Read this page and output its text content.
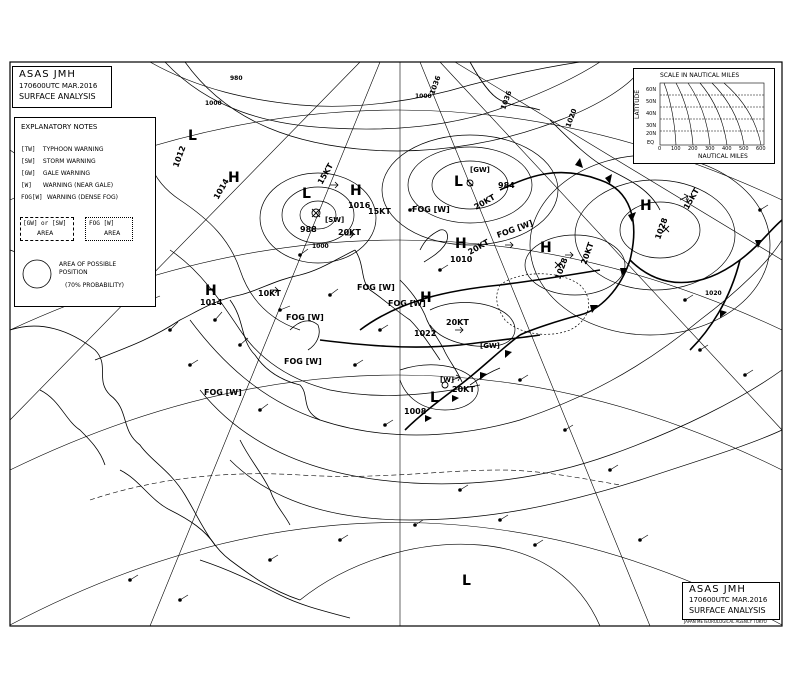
L
988
L	984
L
1008
1012
L
H
1016	H
1028
H
1028
H
1022
H
1014
H
1014
H
1010
L
1036
1036
1020
1000
980
1000
1020
1000
15KT
15KT
15KT
20KT
20KT	20KT
20KT
10KT
20KT
20KT
FOG [W]
FOG [W]
FOG [W]
FOG [W]
FOG [W]
FOG [W]
FOG [W]
[SW]
[GW]
[GW]
[W]
ASAS JMH
170600UTC MAR.2016
SURFACE ANALYSIS
EXPLANATORY NOTES
[TW] TYPHOON WARNING
[SW] STORM WARNING
[GW] GALE WARNING
[W] WARNING (NEAR GALE)
FOG[W] WARNING (DENSE FOG)
[GW] or [SW]
AREA
FOG [W]
AREA
AREA OF POSSIBLE
POSITION
(70% PROBABILITY)
SCALE IN NAUTICAL MILES
LATITUDE 60N
50N
40N
30N
20N
EQ
0 100 200 300 400 500 600
NAUTICAL MILES
ASAS JMH
170600UTC MAR.2016
SURFACE ANALYSIS
JAPAN METEOROLOGICAL AGENCY TOKYO
